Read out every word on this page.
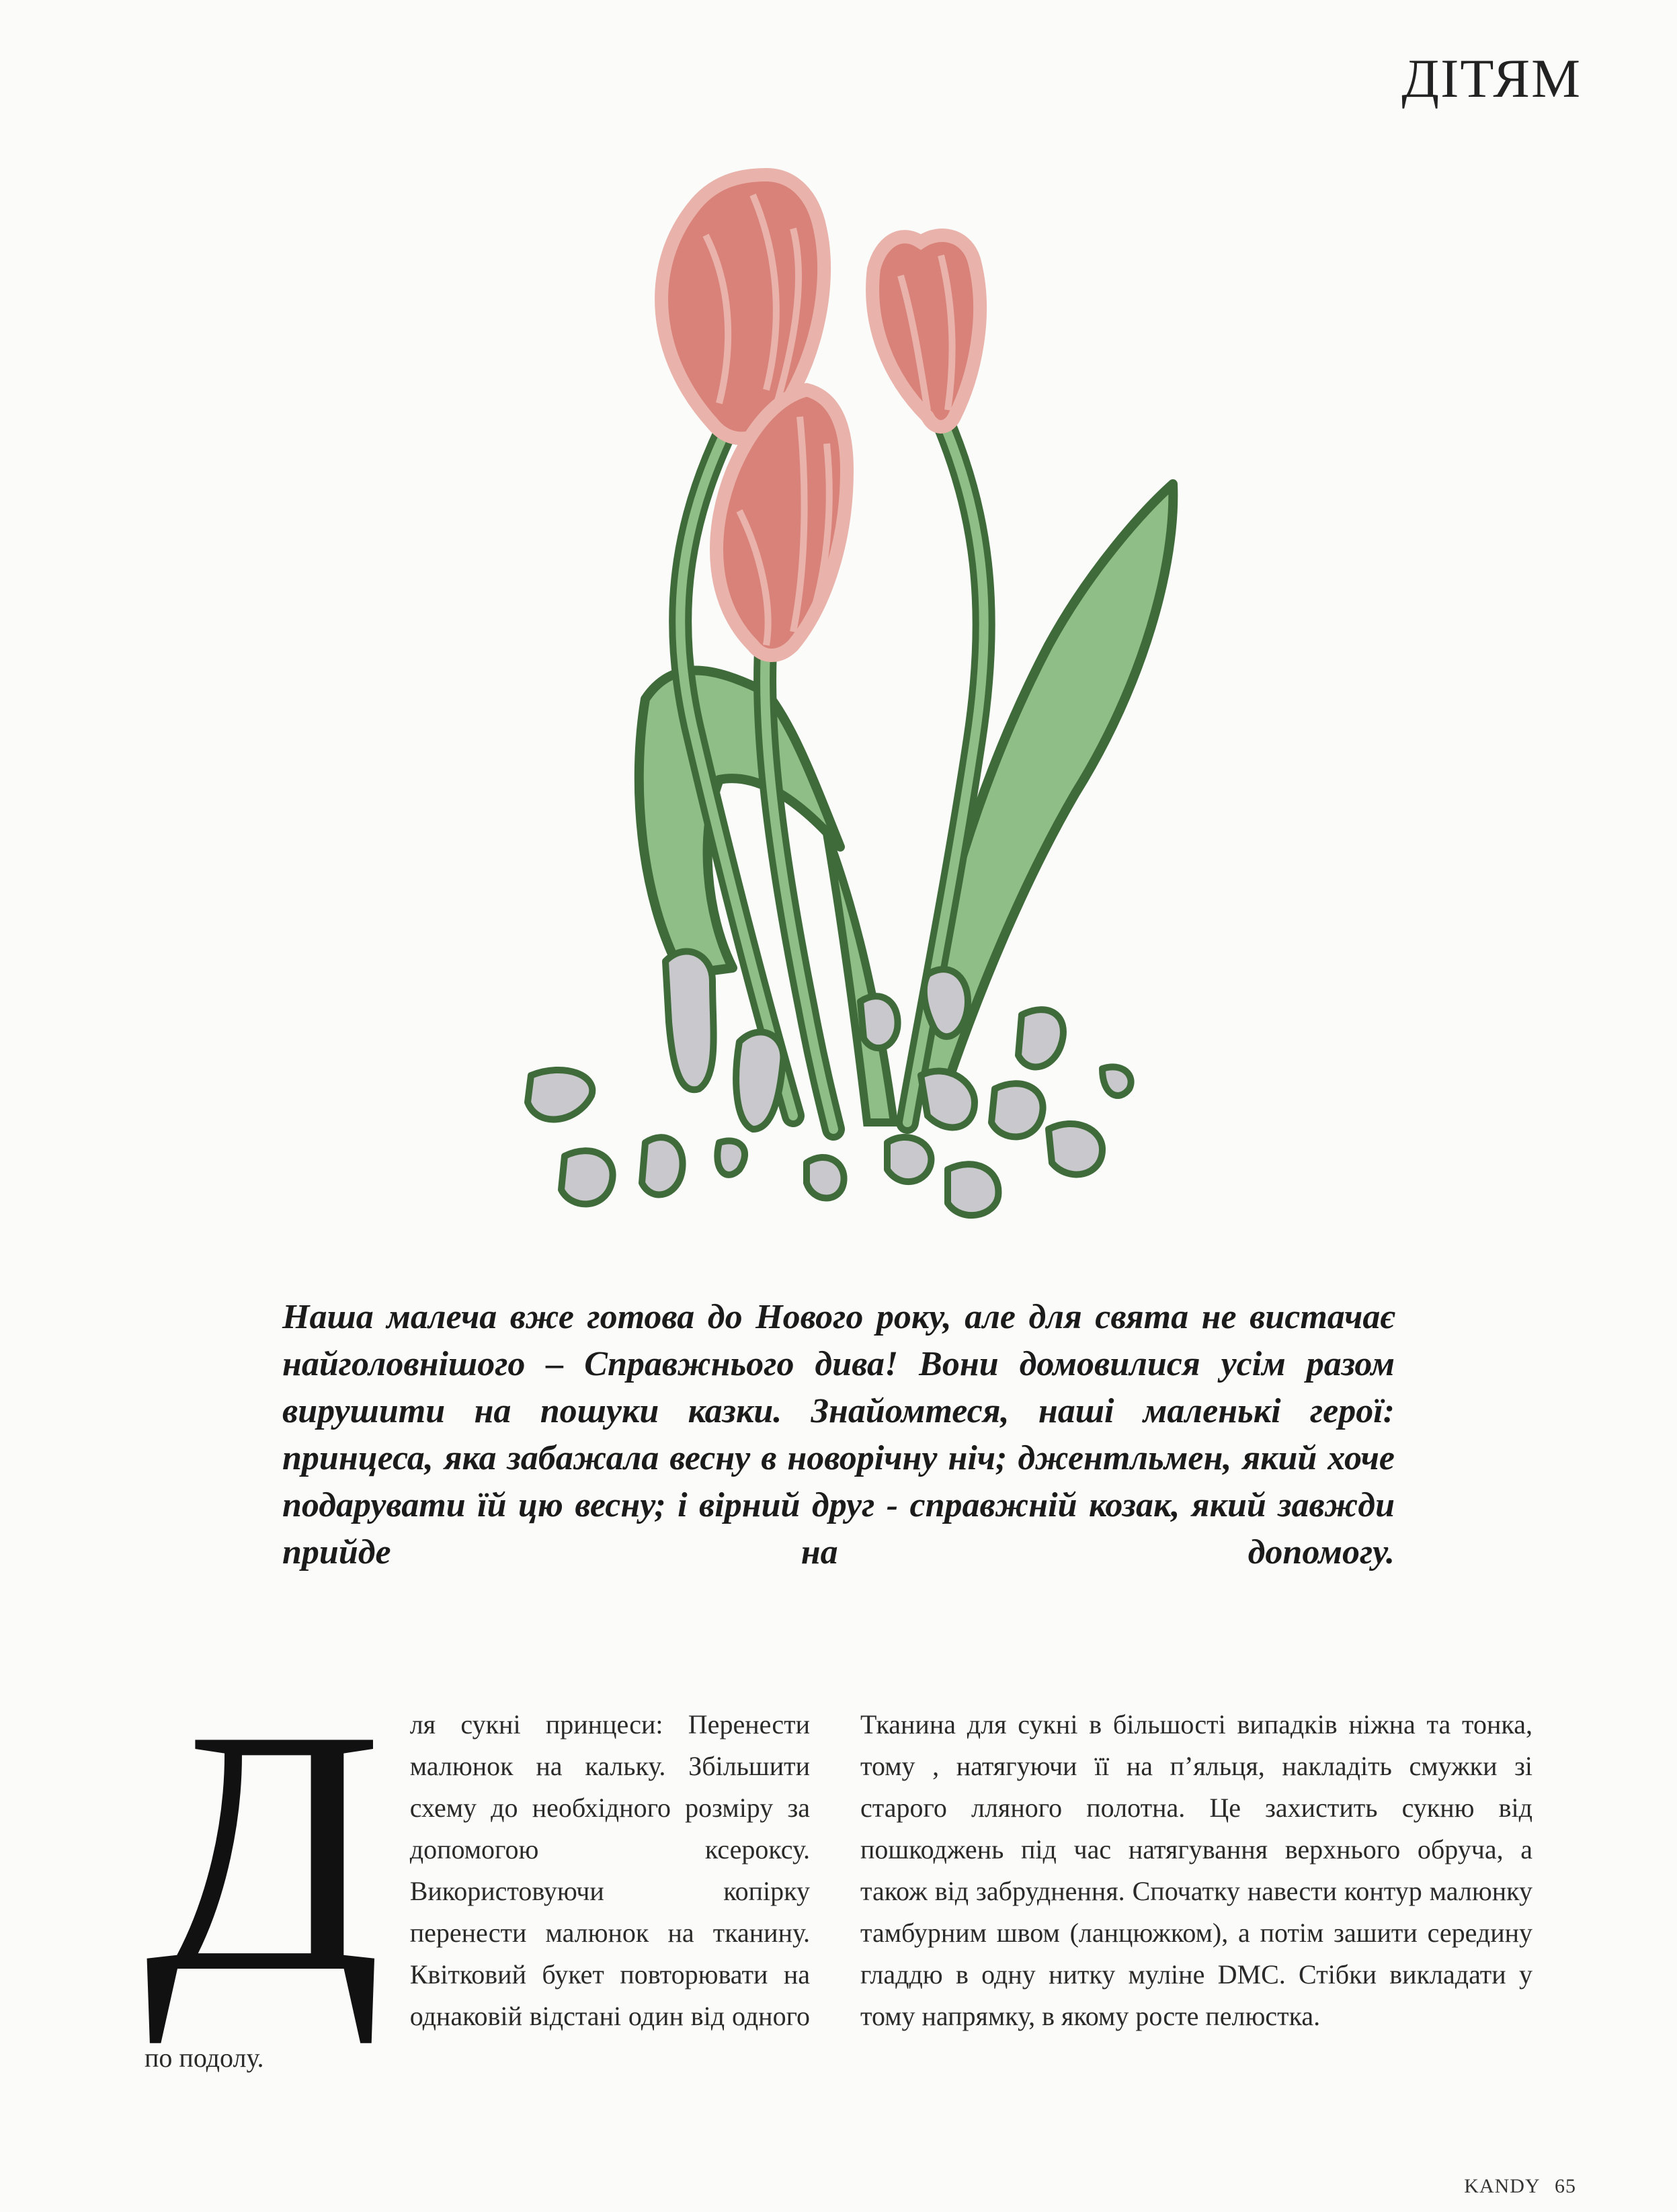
ДІТЯМ

Наша малеча вже готова до Нового року, але для свята не вистачає найголовнішого – Справжнього дива! Вони домовилися усім разом вирушити на пошуки казки. Знайомтеся, наші маленькі герої: принцеса, яка забажала весну в новорічну ніч; джентльмен, який хоче подарувати їй цю весну; і вірний друг - справжній козак, який завжди прийде на допомогу.

Д	ля сукні принцеси: Перенести малюнок на кальку. Збільшити схему до необхідного розміру за допомогою ксероксу. Використовуючи копірку перенести малюнок на тканину. Квітковий букет повторювати на однаковій відстані один від одного по подолу.

Тканина для сукні в більшості випадків ніжна та тонка, тому , натягуючи її на п’яльця, накладіть смужки зі старого лляного полотна. Це захистить сукню від пошкоджень під час натягування верхнього обруча, а також від забруднення. Спочатку навести контур малюнку тамбурним швом (ланцюжком), а потім зашити середину гладдю в одну нитку муліне DMC. Стібки викладати у тому напрямку, в якому росте пелюстка.

KANDY 65
